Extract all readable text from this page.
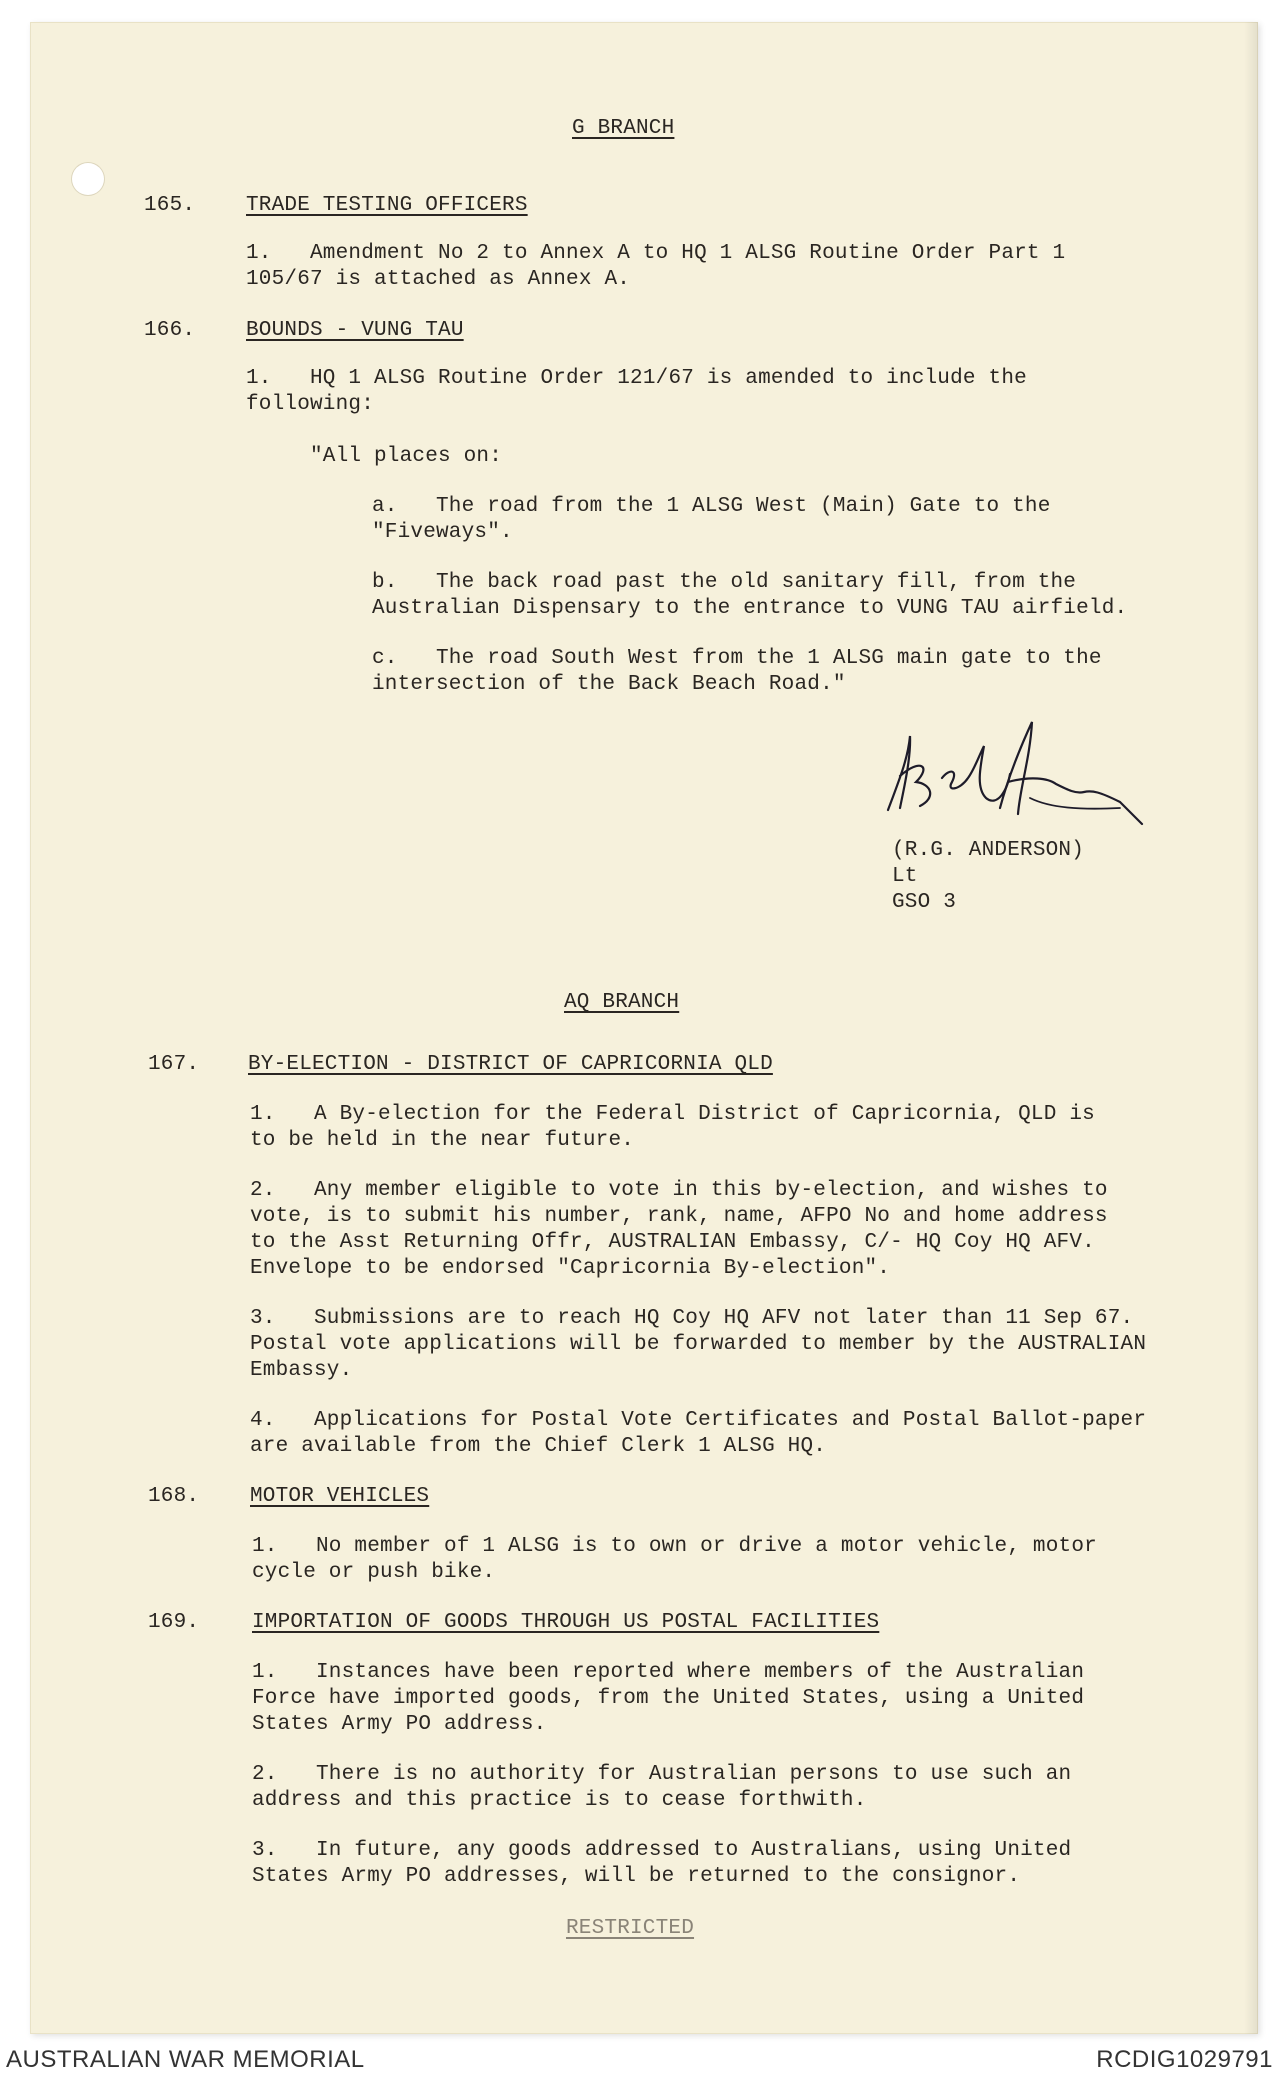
G BRANCH
165. TRADE TESTING OFFICERS
1.   Amendment No 2 to Annex A to HQ 1 ALSG Routine Order Part 1
105/67 is attached as Annex A.
166. BOUNDS - VUNG TAU
1.   HQ 1 ALSG Routine Order 121/67 is amended to include the
following:
"All places on:
a.   The road from the 1 ALSG West (Main) Gate to the
"Fiveways".
b.   The back road past the old sanitary fill, from the
Australian Dispensary to the entrance to VUNG TAU airfield.
c.   The road South West from the 1 ALSG main gate to the
intersection of the Back Beach Road."
(R.G. ANDERSON)
Lt
GSO 3
AQ BRANCH
167. BY-ELECTION - DISTRICT OF CAPRICORNIA QLD
1.   A By-election for the Federal District of Capricornia, QLD is
to be held in the near future.
2.   Any member eligible to vote in this by-election, and wishes to
vote, is to submit his number, rank, name, AFPO No and home address
to the Asst Returning Offr, AUSTRALIAN Embassy, C/- HQ Coy HQ AFV.
Envelope to be endorsed "Capricornia By-election".
3.   Submissions are to reach HQ Coy HQ AFV not later than 11 Sep 67.
Postal vote applications will be forwarded to member by the AUSTRALIAN
Embassy.
4.   Applications for Postal Vote Certificates and Postal Ballot-paper
are available from the Chief Clerk 1 ALSG HQ.
168. MOTOR VEHICLES
1.   No member of 1 ALSG is to own or drive a motor vehicle, motor
cycle or push bike.
169.	IMPORTATION OF GOODS THROUGH US POSTAL FACILITIES
1.   Instances have been reported where members of the Australian
Force have imported goods, from the United States, using a United
States Army PO address.
2.   There is no authority for Australian persons to use such an
address and this practice is to cease forthwith.
3.   In future, any goods addressed to Australians, using United
States Army PO addresses, will be returned to the consignor.
RESTRICTED
AUSTRALIAN WAR MEMORIAL	RCDIG1029791
